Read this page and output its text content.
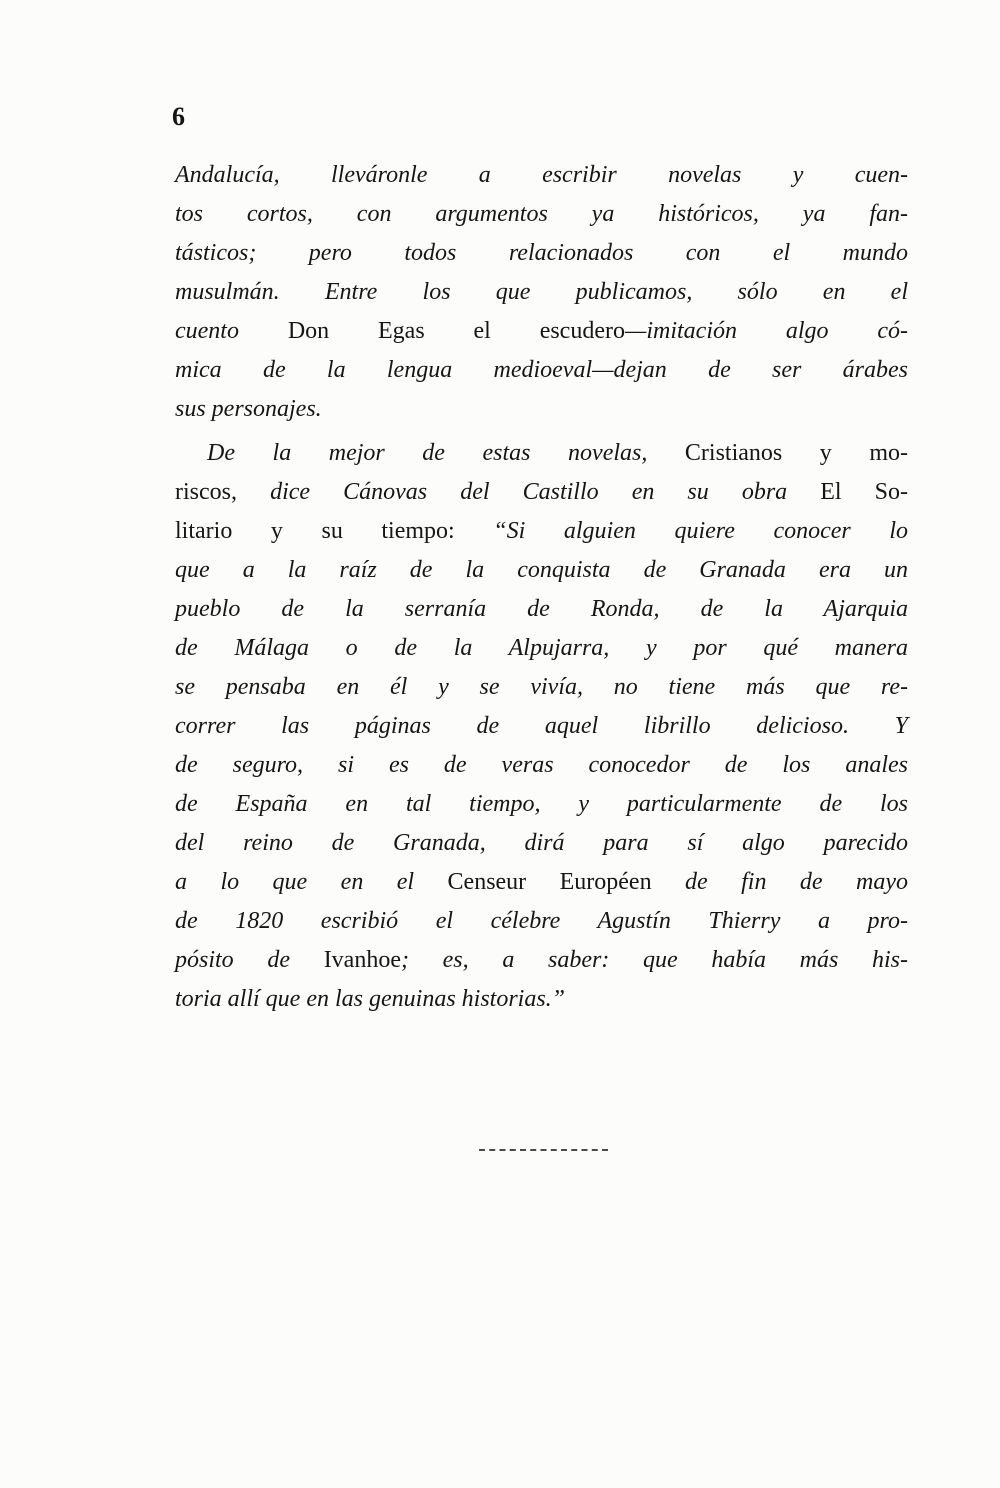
6
Andalucía, lleváronle a escribir novelas y cuen-
tos cortos, con argumentos ya históricos, ya fan-
tásticos; pero todos relacionados con el mundo
musulmán. Entre los que publicamos, sólo en el
cuento Don Egas el escudero—imitación algo có-
mica de la lengua medioeval—dejan de ser árabes
sus personajes.
De la mejor de estas novelas, Cristianos y mo-
riscos, dice Cánovas del Castillo en su obra El So-
litario y su tiempo: “Si alguien quiere conocer lo
que a la raíz de la conquista de Granada era un
pueblo de la serranía de Ronda, de la Ajarquia
de Málaga o de la Alpujarra, y por qué manera
se pensaba en él y se vivía, no tiene más que re-
correr las páginas de aquel librillo delicioso. Y
de seguro, si es de veras conocedor de los anales
de España en tal tiempo, y particularmente de los
del reino de Granada, dirá para sí algo parecido
a lo que en el Censeur Européen de fin de mayo
de 1820 escribió el célebre Agustín Thierry a pro-
pósito de Ivanhoe; es, a saber: que había más his-
toria allí que en las genuinas historias.”
